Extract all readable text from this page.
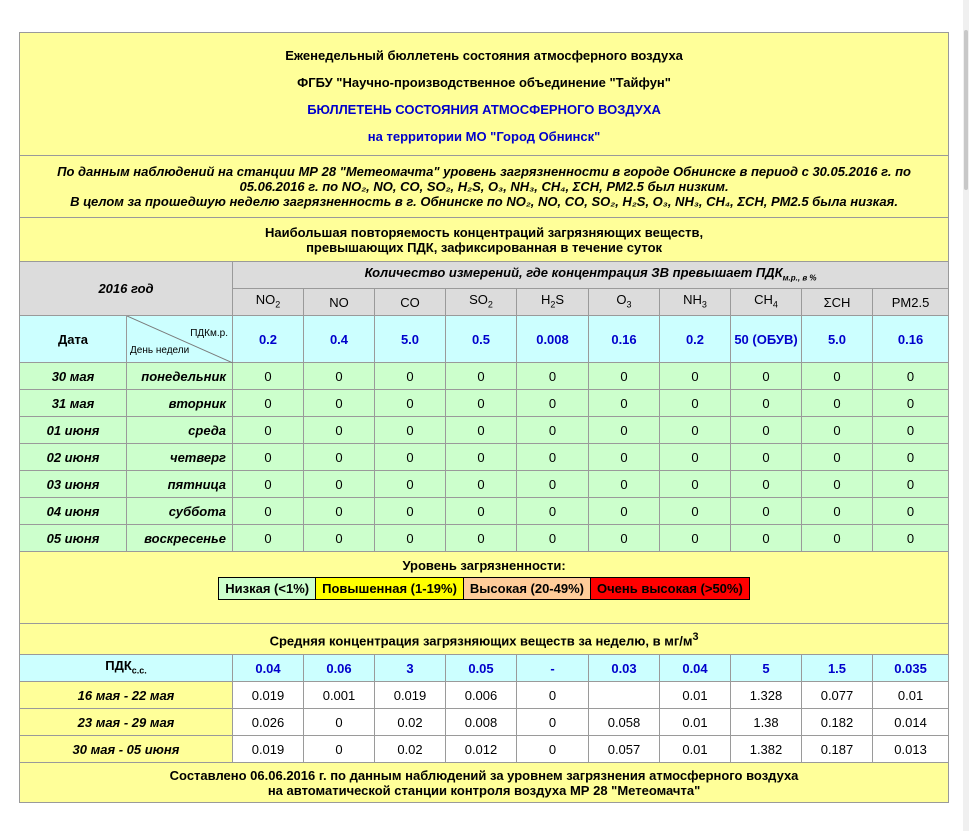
Еженедельный бюллетень состояния атмосферного воздуха
ФГБУ "Научно-производственное объединение "Тайфун"
БЮЛЛЕТЕНЬ СОСТОЯНИЯ АТМОСФЕРНОГО ВОЗДУХА
на территории МО "Город Обнинск"

По данным наблюдений на станции МР 28 "Метеомачта" уровень загрязненности в городе Обнинске в период с 30.05.2016 г. по 05.06.2016 г. по NO₂, NO, CO, SO₂, H₂S, O₃, NH₃, CH₄, ΣCH, PM2.5 был низким.
В целом за прошедшую неделю загрязненность в г. Обнинске по NO₂, NO, CO, SO₂, H₂S, O₃, NH₃, CH₄, ΣCH, PM2.5 была низкая.
Наибольшая повторяемость концентраций загрязняющих веществ,
превышающих ПДК, зафиксированная в течение суток
2016 год	Количество измерений, где концентрация ЗВ превышает $ПДК_{м.р., в \%}$
$NO_2$	NO	CO	$SO_2$	$H_2S$	$O_3$	$NH_3$	$CH_4$	ΣCH	PM2.5
Дата	ПДКм.р.
День недели
	0.2	0.4	5.0	0.5	0.008	0.16	0.2	50 (ОБУВ)	5.0	0.16
30 мая	понедельник	0	0	0	0	0	0	0	0	0	0
31 мая	вторник	0	0	0	0	0	0	0	0	0	0
01 июня	среда	0	0	0	0	0	0	0	0	0	0
02 июня	четверг	0	0	0	0	0	0	0	0	0	0
03 июня	пятница	0	0	0	0	0	0	0	0	0	0
04 июня	суббота	0	0	0	0	0	0	0	0	0	0
05 июня	воскресенье	0	0	0	0	0	0	0	0	0	0

Уровень загрязненности:
Низкая (<1%)	Повышенная (1-19%)	Высокая (20-49%)	Очень высокая (>50%)

Средняя концентрация загрязняющих веществ за неделю, в $мг/м^3$
$ПДК_{с.с.}$	0.04	0.06	3	0.05	-	0.03	0.04	5	1.5	0.035
16 мая - 22 мая	0.019	0.001	0.019	0.006	0		0.01	1.328	0.077	0.01
23 мая - 29 мая	0.026	0	0.02	0.008	0	0.058	0.01	1.38	0.182	0.014
30 мая - 05 июня	0.019	0	0.02	0.012	0	0.057	0.01	1.382	0.187	0.013
Составлено 06.06.2016 г. по данным наблюдений за уровнем загрязнения атмосферного воздуха
на автоматической станции контроля воздуха МР 28 "Метеомачта"
